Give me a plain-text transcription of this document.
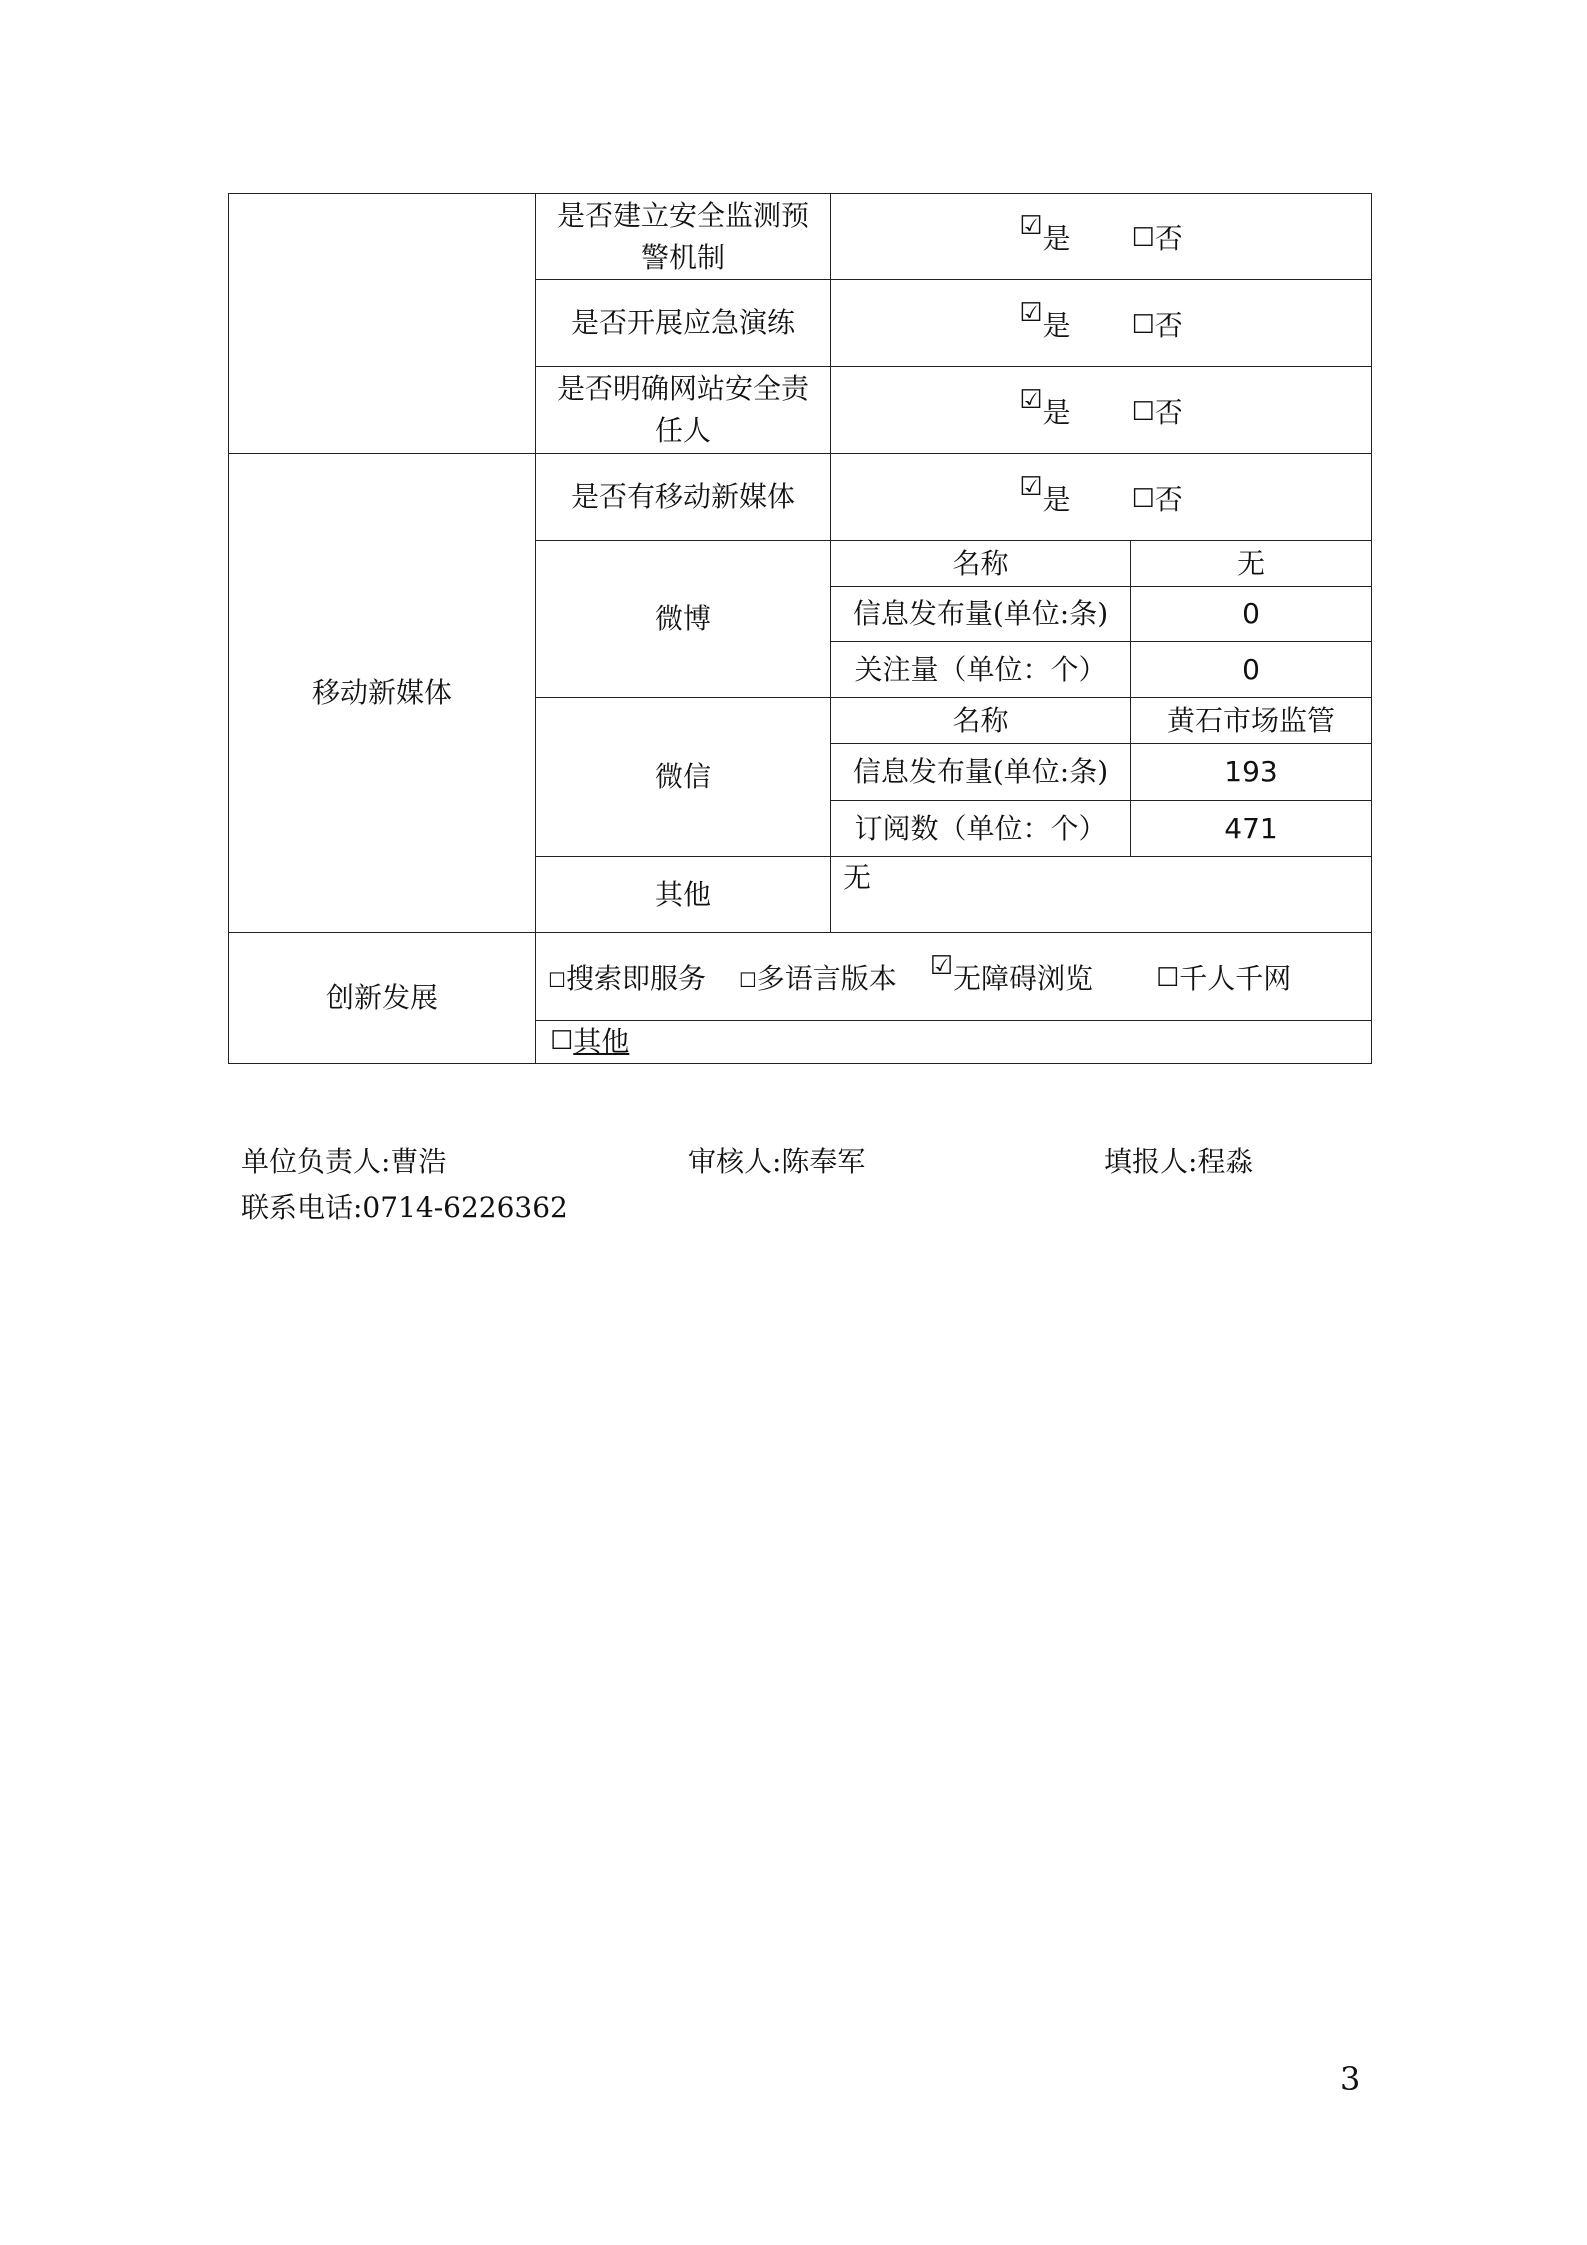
	是否建立安全监测预警机制	☑是 ☐否	
	是否开展应急演练	☑是 ☐否	
	是否明确网站安全责任人	☑是 ☐否	
移动新媒体	是否有移动新媒体	☑是 ☐否	
	微博	名称	无
		信息发布量(单位:条)	0
		关注量（单位：个）	0
	微信	名称	黄石市场监管
		信息发布量(单位:条)	193
		订阅数（单位：个）	471
	其他	无	
创新发展	☐搜索即服务 ☐多语言版本 ☑无障碍浏览 ☐千人千网		
	☐其他		
单位负责人:曹浩	审核人:陈奉军	填报人:程淼
联系电话:0714-6226362
3
